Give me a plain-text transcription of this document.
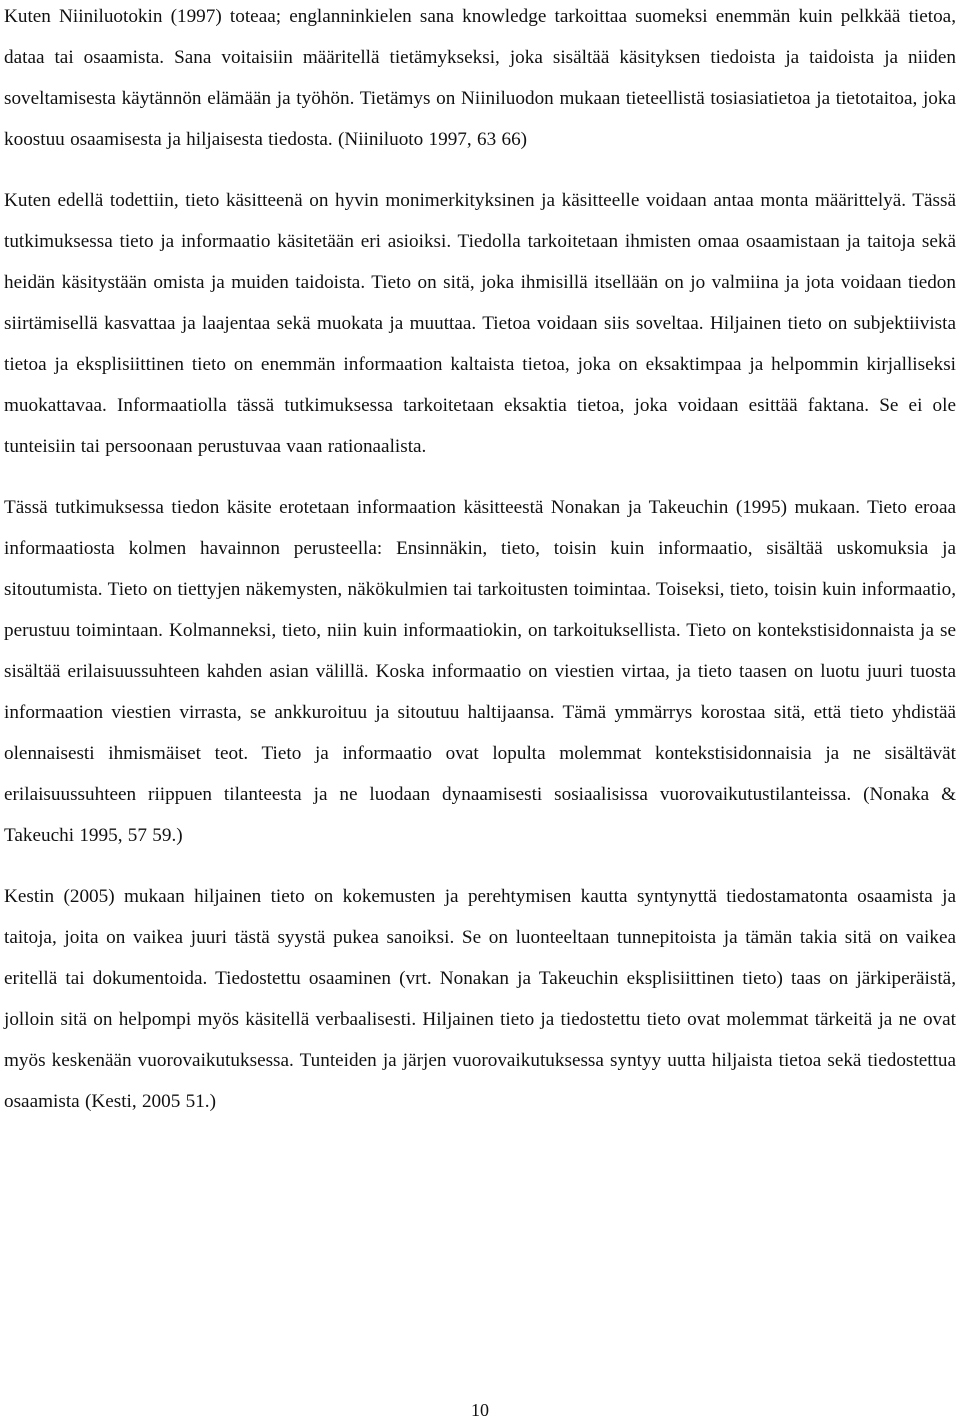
Kuten Niiniluotokin (1997) toteaa; englanninkielen sana knowledge tarkoittaa suomeksi enemmän kuin pelkkää tietoa, dataa tai osaamista. Sana voitaisiin määritellä tietämykseksi, joka sisältää käsityksen tiedoista ja taidoista ja niiden soveltamisesta käytännön elämään ja työhön. Tietämys on Niiniluodon mukaan tieteellistä tosiasiatietoa ja tietotaitoa, joka koostuu osaamisesta ja hiljaisesta tiedosta. (Niiniluoto 1997, 63 66)

Kuten edellä todettiin, tieto käsitteenä on hyvin monimerkityksinen ja käsitteelle voidaan antaa monta määrittelyä. Tässä tutkimuksessa tieto ja informaatio käsitetään eri asioiksi. Tiedolla tarkoitetaan ihmisten omaa osaamistaan ja taitoja sekä heidän käsitystään omista ja muiden taidoista. Tieto on sitä, joka ihmisillä itsellään on jo valmiina ja jota voidaan tiedon siirtämisellä kasvattaa ja laajentaa sekä muokata ja muuttaa. Tietoa voidaan siis soveltaa. Hiljainen tieto on subjektiivista tietoa ja eksplisiittinen tieto on enemmän informaation kaltaista tietoa, joka on eksaktimpaa ja helpommin kirjalliseksi muokattavaa. Informaatiolla tässä tutkimuksessa tarkoitetaan eksaktia tietoa, joka voidaan esittää faktana. Se ei ole tunteisiin tai persoonaan perustuvaa vaan rationaalista.

Tässä tutkimuksessa tiedon käsite erotetaan informaation käsitteestä Nonakan ja Takeuchin (1995) mukaan. Tieto eroaa informaatiosta kolmen havainnon perusteella: Ensinnäkin, tieto, toisin kuin informaatio, sisältää uskomuksia ja sitoutumista. Tieto on tiettyjen näkemysten, näkökulmien tai tarkoitusten toimintaa. Toiseksi, tieto, toisin kuin informaatio, perustuu toimintaan. Kolmanneksi, tieto, niin kuin informaatiokin, on tarkoituksellista. Tieto on kontekstisidonnaista ja se sisältää erilaisuussuhteen kahden asian välillä. Koska informaatio on viestien virtaa, ja tieto taasen on luotu juuri tuosta informaation viestien virrasta, se ankkuroituu ja sitoutuu haltijaansa. Tämä ymmärrys korostaa sitä, että tieto yhdistää olennaisesti ihmismäiset teot. Tieto ja informaatio ovat lopulta molemmat kontekstisidonnaisia ja ne sisältävät erilaisuussuhteen riippuen tilanteesta ja ne luodaan dynaamisesti sosiaalisissa vuorovaikutustilanteissa. (Nonaka & Takeuchi 1995, 57 59.)

Kestin (2005) mukaan hiljainen tieto on kokemusten ja perehtymisen kautta syntynyttä tiedostamatonta osaamista ja taitoja, joita on vaikea juuri tästä syystä pukea sanoiksi. Se on luonteeltaan tunnepitoista ja tämän takia sitä on vaikea eritellä tai dokumentoida. Tiedostettu osaaminen (vrt. Nonakan ja Takeuchin eksplisiittinen tieto) taas on järkiperäistä, jolloin sitä on helpompi myös käsitellä verbaalisesti. Hiljainen tieto ja tiedostettu tieto ovat molemmat tärkeitä ja ne ovat myös keskenään vuorovaikutuksessa. Tunteiden ja järjen vuorovaikutuksessa syntyy uutta hiljaista tietoa sekä tiedostettua osaamista (Kesti, 2005 51.)

10
